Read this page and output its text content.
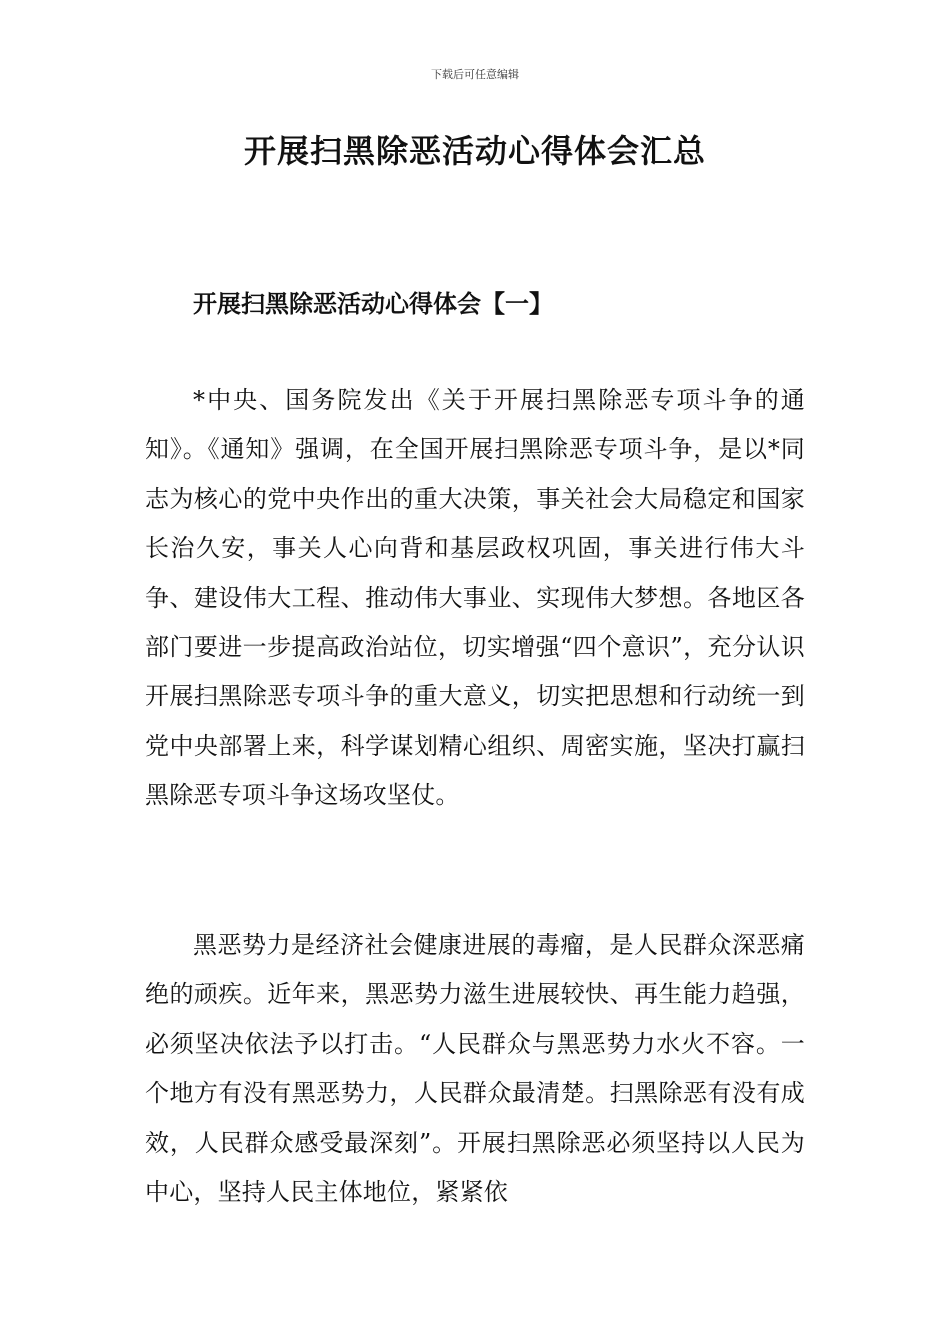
下载后可任意编辑
开展扫黑除恶活动心得体会汇总
开展扫黑除恶活动心得体会【一】

*中央、国务院发出《关于开展扫黑除恶专项斗争的通知》。《通知》强调，在全国开展扫黑除恶专项斗争，是以*同志为核心的党中央作出的重大决策，事关社会大局稳定和国家长治久安，事关人心向背和基层政权巩固，事关进行伟大斗争、建设伟大工程、推动伟大事业、实现伟大梦想。各地区各部门要进一步提高政治站位，切实增强“四个意识”，充分认识开展扫黑除恶专项斗争的重大意义，切实把思想和行动统一到党中央部署上来，科学谋划精心组织、周密实施，坚决打赢扫黑除恶专项斗争这场攻坚仗。

黑恶势力是经济社会健康进展的毒瘤，是人民群众深恶痛绝的顽疾。近年来，黑恶势力滋生进展较快、再生能力趋强，必须坚决依法予以打击。“人民群众与黑恶势力水火不容。一个地方有没有黑恶势力，人民群众最清楚。扫黑除恶有没有成效，人民群众感受最深刻”。开展扫黑除恶必须坚持以人民为中心，坚持人民主体地位，紧紧依
